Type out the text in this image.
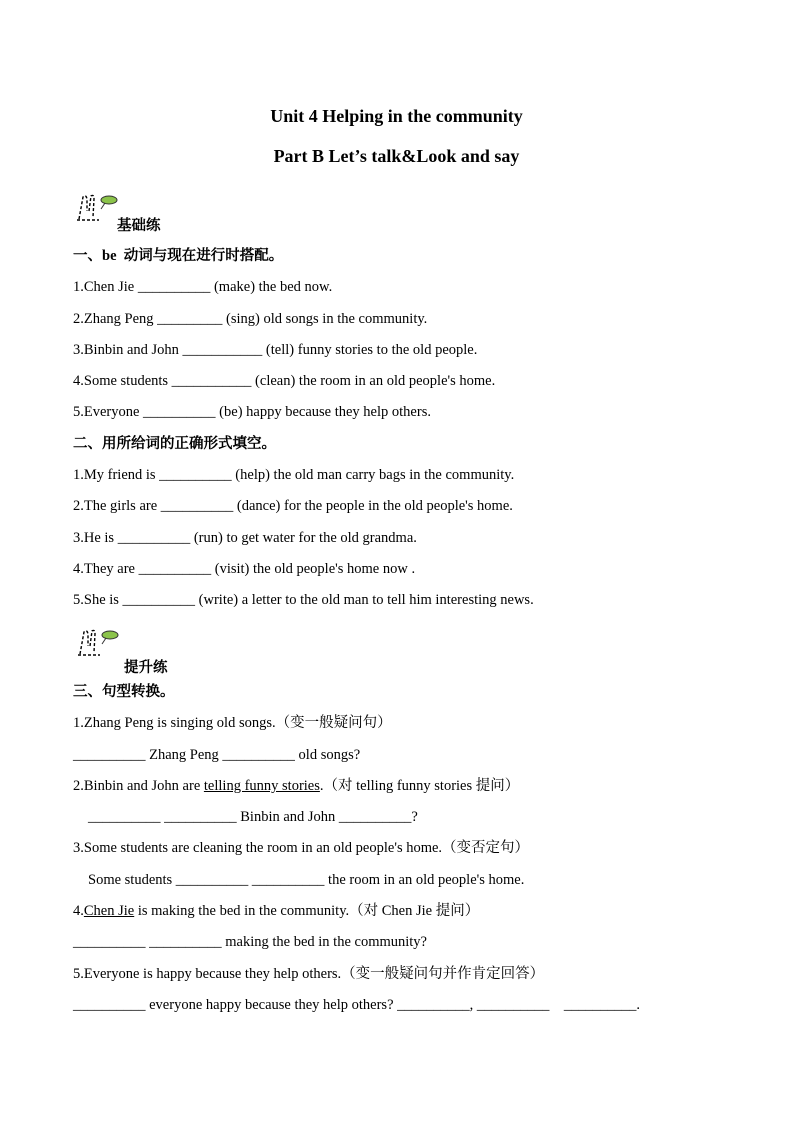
Unit 4 Helping in the community
Part B Let’s talk&Look and say
基础练
一、be  动词与现在进行时搭配。
1.Chen Jie __________ (make) the bed now.
2.Zhang Peng _________ (sing) old songs in the community.
3.Binbin and John ___________ (tell) funny stories to the old people.
4.Some students ___________ (clean) the room in an old people's home.
5.Everyone __________ (be) happy because they help others.
二、用所给词的正确形式填空。
1.My friend is __________ (help) the old man carry bags in the community.
2.The girls are __________ (dance) for the people in the old people's home.
3.He is __________ (run) to get water for the old grandma.
4.They are __________ (visit) the old people's home now .
5.She is __________ (write) a letter to the old man to tell him interesting news.
提升练
三、句型转换。
1.Zhang Peng is singing old songs.（变一般疑问句）
__________ Zhang Peng __________ old songs?
2.Binbin and John are telling funny stories.（对 telling funny stories 提问）
__________ __________ Binbin and John __________?
3.Some students are cleaning the room in an old people's home.（变否定句）
Some students __________ __________ the room in an old people's home.
4.Chen Jie is making the bed in the community.（对 Chen Jie 提问）
__________ __________ making the bed in the community?
5.Everyone is happy because they help others.（变一般疑问句并作肯定回答）
__________ everyone happy because they help others? __________, __________    __________.
